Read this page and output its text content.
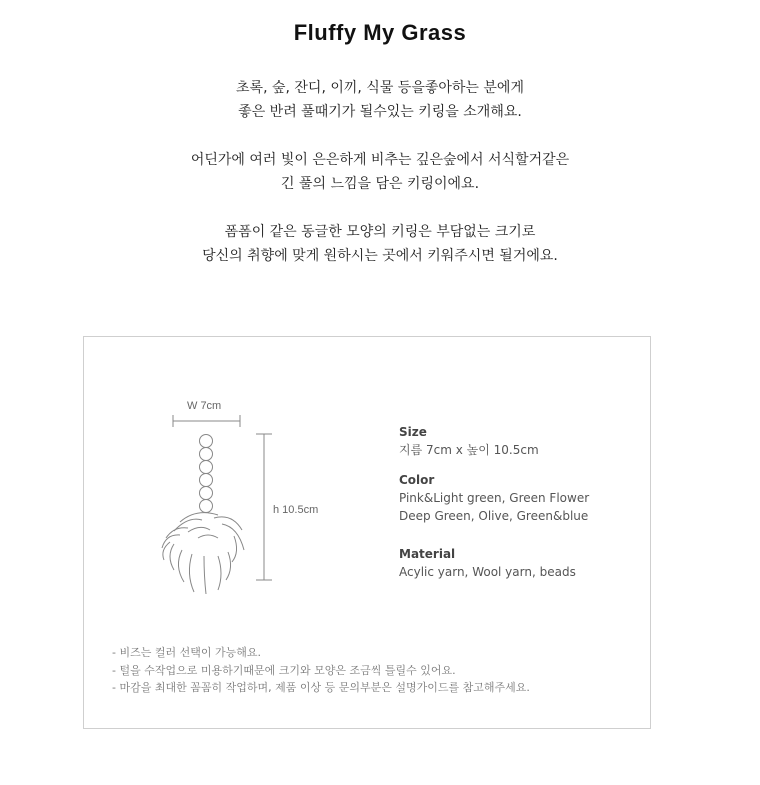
Fluffy My Grass

초록, 숲, 잔디, 이끼, 식물 등을좋아하는 분에게
좋은 반려 풀때기가 될수있는 키링을 소개해요.

어딘가에 여러 빛이 은은하게 비추는 깊은숲에서 서식할거같은
긴 풀의 느낌을 담은 키링이에요.

폼폼이 같은 동글한 모양의 키링은 부담없는 크기로
당신의 취향에 맞게 원하시는 곳에서 키워주시면 될거에요.

W 7cm
h 10.5cm
Size
지름 7cm x 높이 10.5cm
Color
Pink&Light green, Green Flower
Deep Green, Olive, Green&blue
Material
Acylic yarn, Wool yarn, beads
- 비즈는 컬러 선택이 가능해요.
- 털을 수작업으로 미용하기때문에 크기와 모양은 조금씩 틀릴수 있어요.
- 마감을 최대한 꼼꼼히 작업하며, 제품 이상 등 문의부분은 설명가이드를 참고해주세요.
